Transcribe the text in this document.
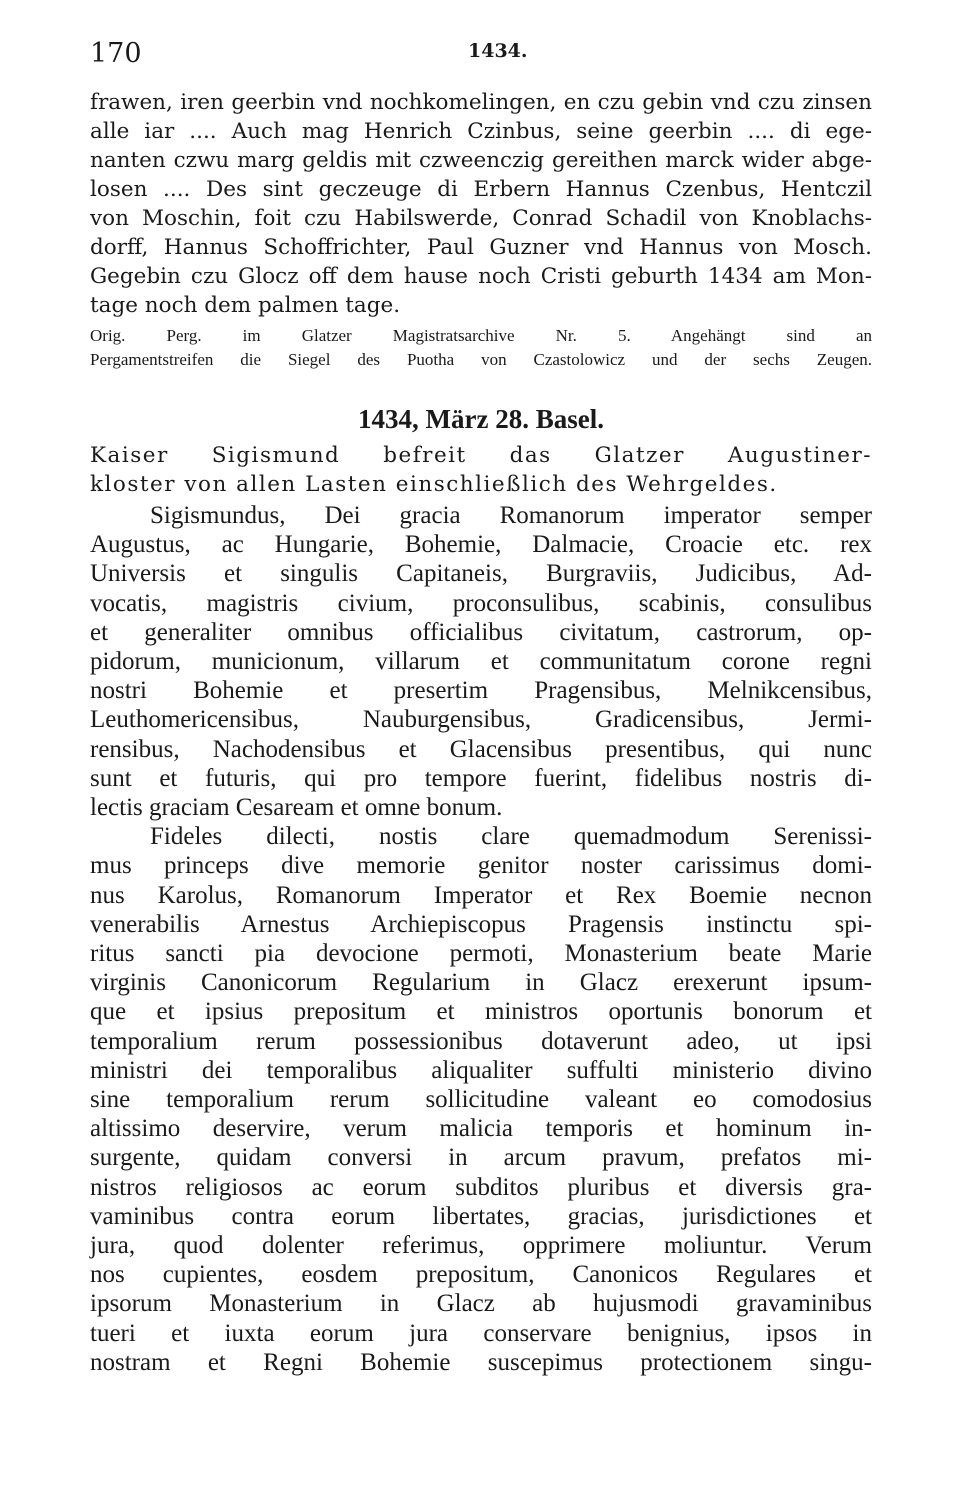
170	1434.
frawen, iren geerbin vnd nochkomelingen, en czu gebin vnd czu zinsen
alle iar .... Auch mag Henrich Czinbus, seine geerbin .... di ege-
nanten czwu marg geldis mit czweenczig gereithen marck wider abge-
losen .... Des sint geczeuge di Erbern Hannus Czenbus, Hentczil
von Moschin, foit czu Habilswerde, Conrad Schadil von Knoblachs-
dorff, Hannus Schoffrichter, Paul Guzner vnd Hannus von Mosch.
Gegebin czu Glocz off dem hause noch Cristi geburth 1434 am Mon-
tage noch dem palmen tage.
Orig. Perg. im Glatzer Magistratsarchive Nr. 5. Angehängt sind an
Pergamentstreifen die Siegel des Puotha von Czastolowicz und der sechs Zeugen.
1434, März 28. Basel.
Kaiser Sigismund befreit das Glatzer Augustiner-
kloster von allen Lasten einschließlich des Wehrgeldes.
Sigismundus, Dei gracia Romanorum imperator semper
Augustus, ac Hungarie, Bohemie, Dalmacie, Croacie etc. rex
Universis et singulis Capitaneis, Burgraviis, Judicibus, Ad-
vocatis, magistris civium, proconsulibus, scabinis, consulibus
et generaliter omnibus officialibus civitatum, castrorum, op-
pidorum, municionum, villarum et communitatum corone regni
nostri Bohemie et presertim Pragensibus, Melnikcensibus,
Leuthomericensibus, Nauburgensibus, Gradicensibus, Jermi-
rensibus, Nachodensibus et Glacensibus presentibus, qui nunc
sunt et futuris, qui pro tempore fuerint, fidelibus nostris di-
lectis graciam Cesaream et omne bonum.
Fideles dilecti, nostis clare quemadmodum Serenissi-
mus princeps dive memorie genitor noster carissimus domi-
nus Karolus, Romanorum Imperator et Rex Boemie necnon
venerabilis Arnestus Archiepiscopus Pragensis instinctu spi-
ritus sancti pia devocione permoti, Monasterium beate Marie
virginis Canonicorum Regularium in Glacz erexerunt ipsum-
que et ipsius prepositum et ministros oportunis bonorum et
temporalium rerum possessionibus dotaverunt adeo, ut ipsi
ministri dei temporalibus aliqualiter suffulti ministerio divino
sine temporalium rerum sollicitudine valeant eo comodosius
altissimo deservire, verum malicia temporis et hominum in-
surgente, quidam conversi in arcum pravum, prefatos mi-
nistros religiosos ac eorum subditos pluribus et diversis gra-
vaminibus contra eorum libertates, gracias, jurisdictiones et
jura, quod dolenter referimus, opprimere moliuntur. Verum
nos cupientes, eosdem prepositum, Canonicos Regulares et
ipsorum Monasterium in Glacz ab hujusmodi gravaminibus
tueri et iuxta eorum jura conservare benignius, ipsos in
nostram et Regni Bohemie suscepimus protectionem singu-
